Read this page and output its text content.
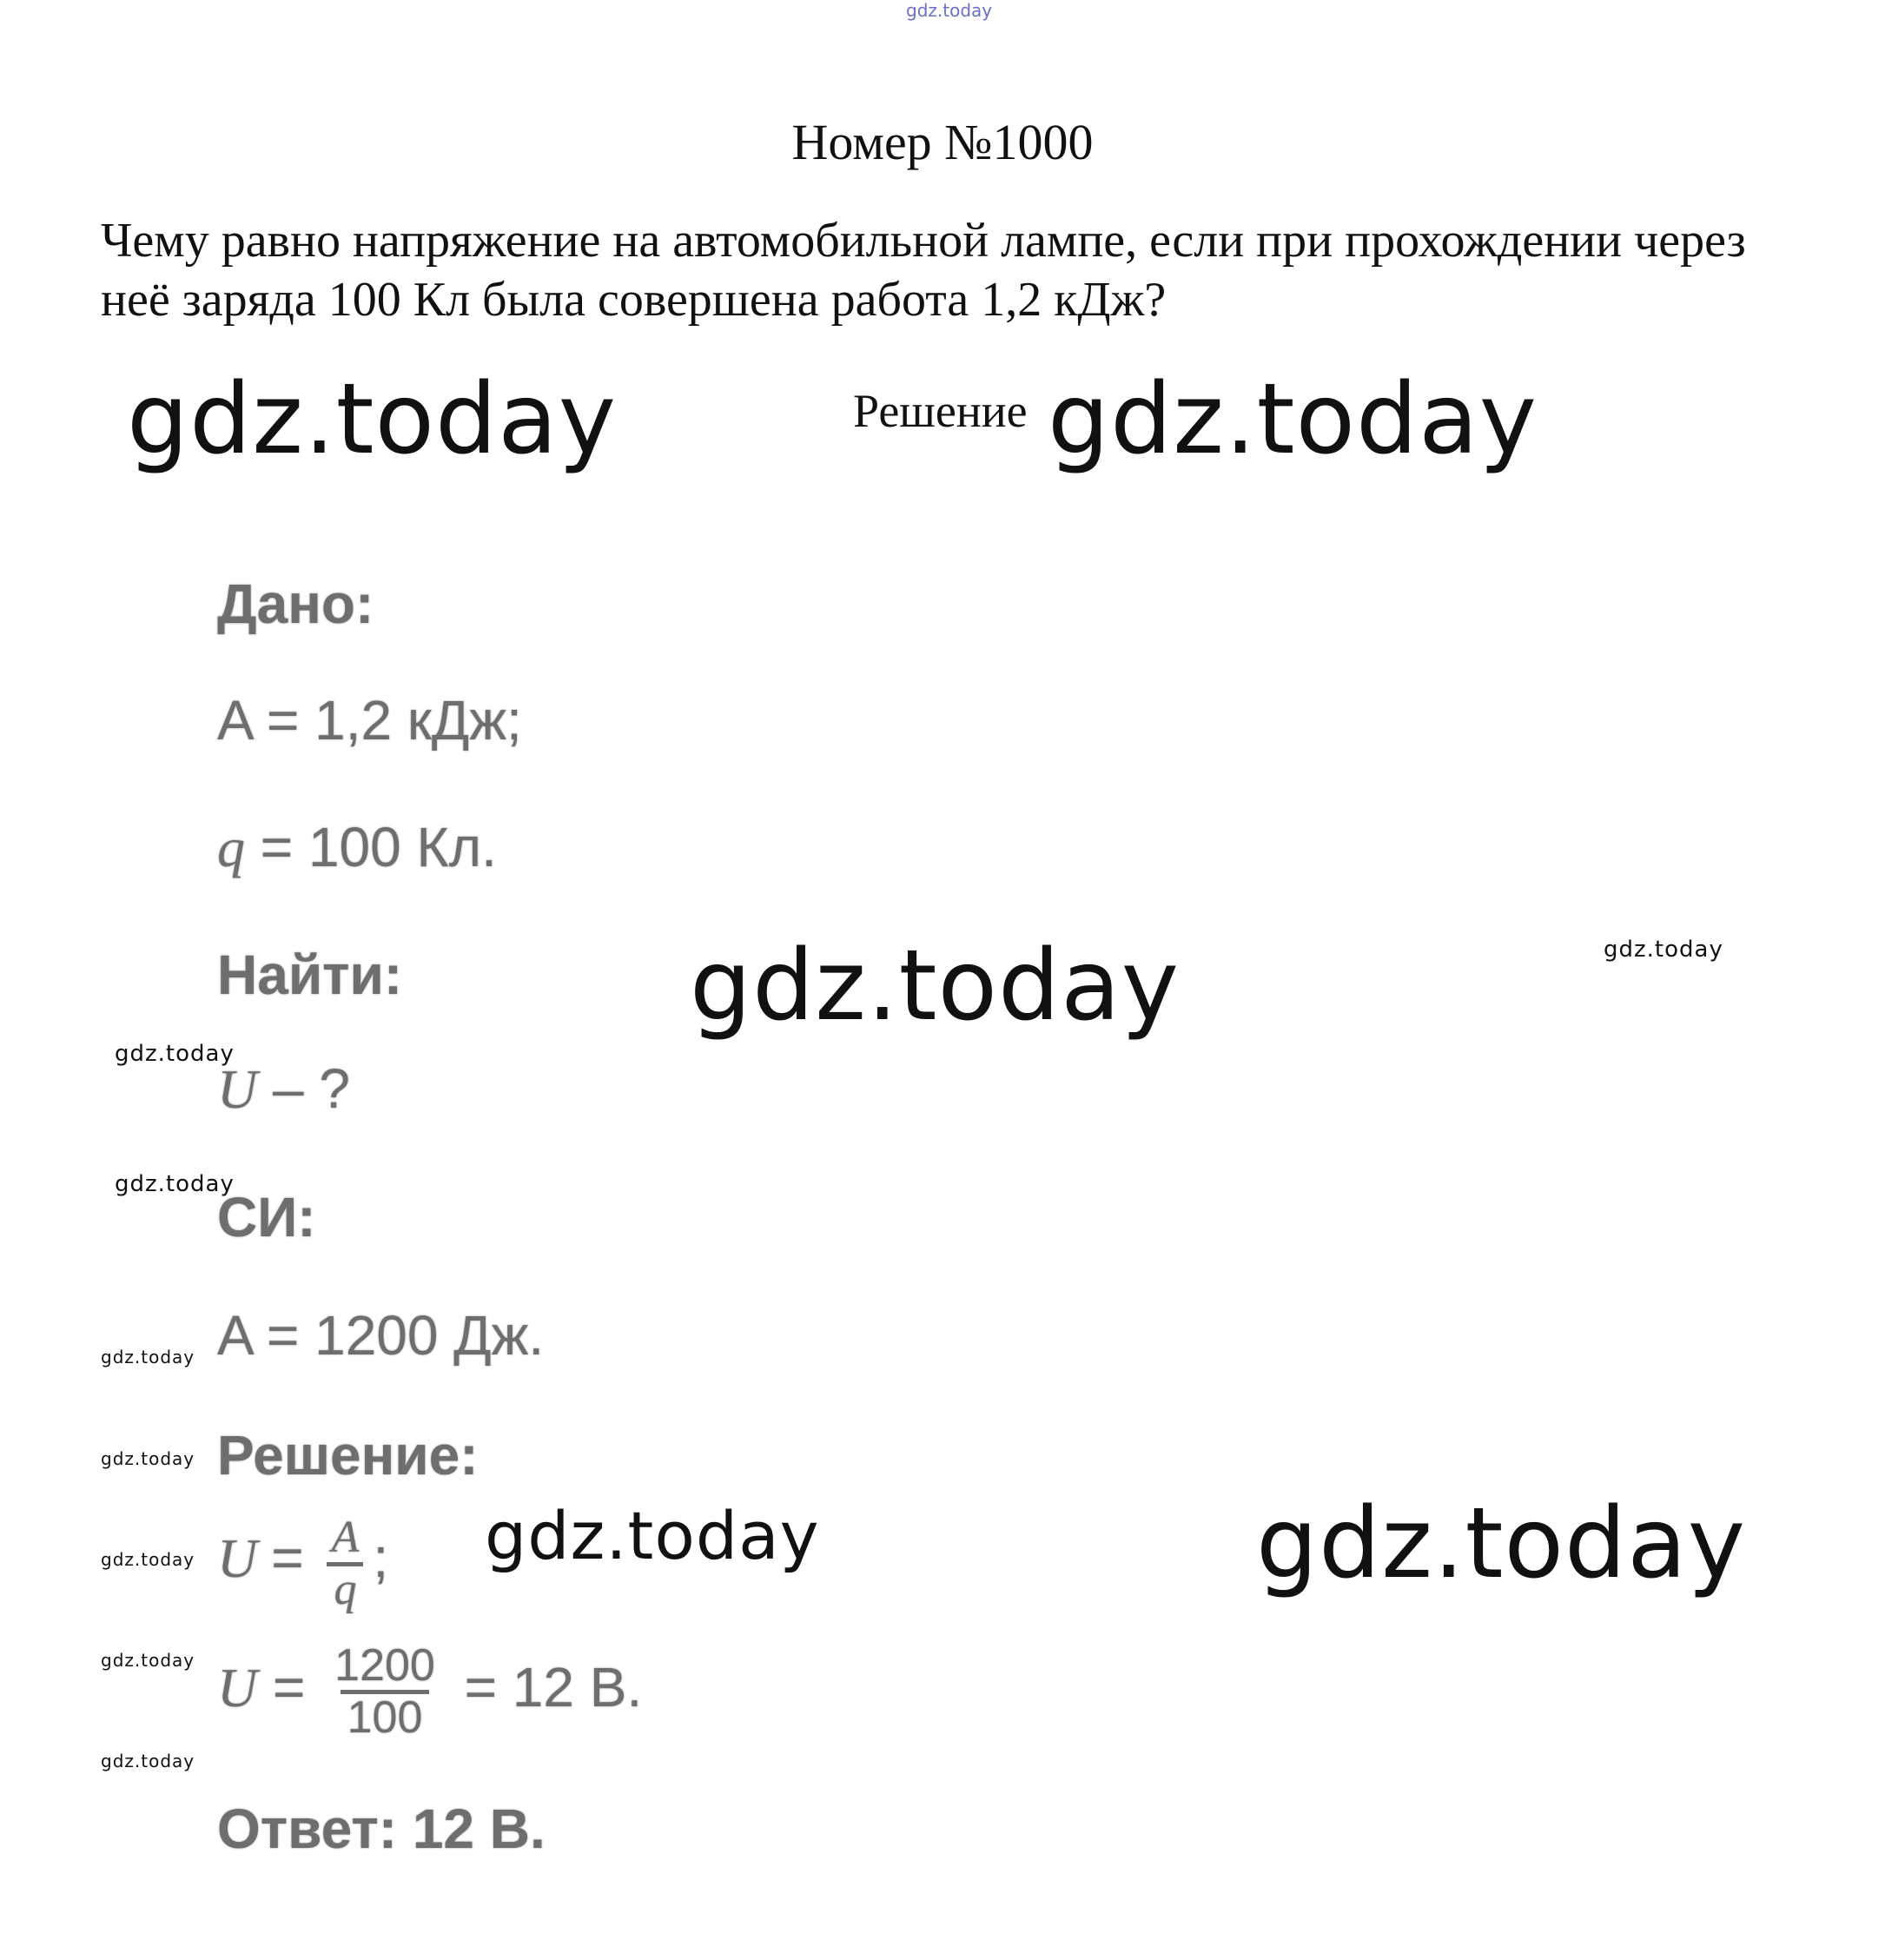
gdz.today
Номер №1000
Чему равно напряжение на автомобильной лампе, если при прохождении через неё заряда 100 Кл была совершена работа 1,2 кДж?
Решение
gdz.today	gdz.today
gdz.today
gdz.today
gdz.today
gdz.today
gdz.today
gdz.today
gdz.today
gdz.today
gdz.today
gdz.today
gdz.today
Дано:
A = 1,2 кДж;
q = 100 Кл.
Найти:
U – ?
СИ:
A = 1200 Дж.
Решение:
$U = \frac{A}{q}$ ;
$U = \frac{1200}{100} = 12$ В.
Ответ: 12 В.
